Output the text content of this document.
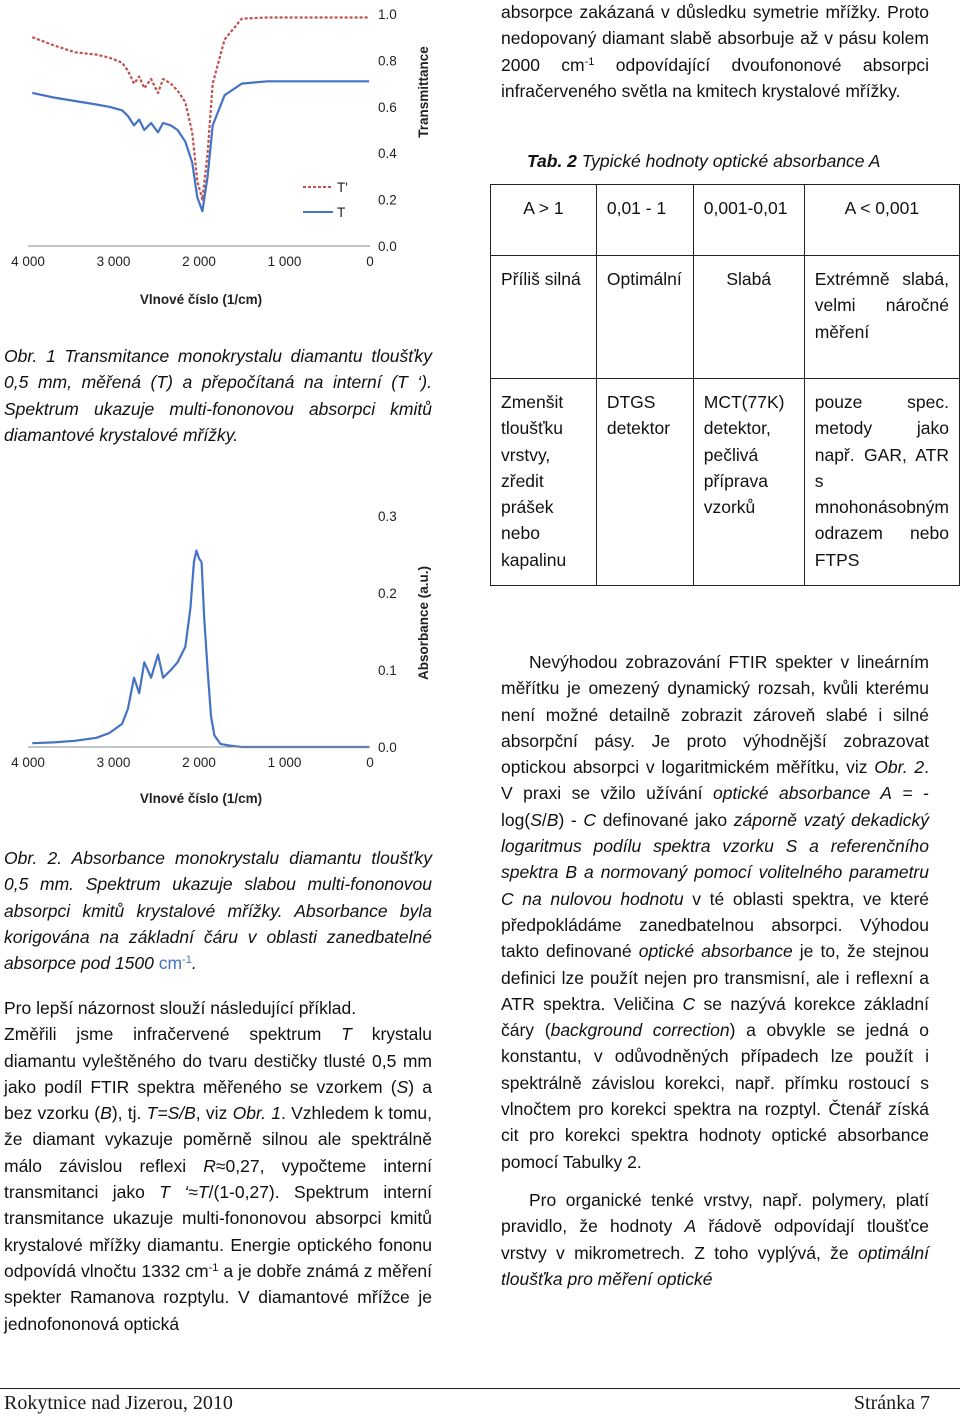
4 000	3 000	2 000	1 000	0
0.0
0.2
0.4
0.6
0.8
1.0
Vlnové číslo (1/cm)
Transmittance
T'
T

Obr. 1 Transmitance monokrystalu diamantu tloušťky 0,5 mm, měřená (T) a přepočítaná na interní (T ‘). Spektrum ukazuje multi-fononovou absorpci kmitů diamantové krystalové mřížky.

4 000	3 000	2 000	1 000	0
0.0
0.1
0.2
0.3
Vlnové číslo (1/cm)
Absorbance (a.u.)

Obr. 2. Absorbance monokrystalu diamantu tloušťky 0,5 mm. Spektrum ukazuje slabou multi-fononovou absorpci kmitů krystalové mřížky. Absorbance byla korigována na základní čáru v oblasti zanedbatelné absorpce pod 1500 $cm^{-1}$.

Pro lepší názornost slouží následující příklad.

Změřili jsme infračervené spektrum T krystalu diamantu vyleštěného do tvaru destičky tlusté 0,5 mm jako podíl FTIR spektra měřeného se vzorkem (S) a bez vzorku (B), tj. T=S/B, viz Obr. 1. Vzhledem k tomu, že diamant vykazuje poměrně silnou ale spektrálně málo závislou reflexi R≈0,27, vypočteme interní transmitanci jako T ‘≈T/(1-0,27). Spektrum interní transmitance ukazuje multi-fononovou absorpci kmitů krystalové mřížky diamantu. Energie optického fononu odpovídá vlnočtu 1332 $cm^{-1}$ a je dobře známá z měření spekter Ramanova rozptylu. V diamantové mřížce je jednofononová optická

absorpce zakázaná v důsledku symetrie mřížky. Proto nedopovaný diamant slabě absorbuje až v pásu kolem 2000 $cm^{-1}$ odpovídající dvoufononové absorpci infračerveného světla na kmitech krystalové mřížky.

Tab. 2 Typické hodnoty optické absorbance A
A > 1	0,01 - 1	0,001-0,01	A < 0,001
Příliš silná	Optimální	Slabá	Extrémně slabá, velmi náročné měření
Zmenšit tloušťku vrstvy, zředit prášek nebo kapalinu	DTGS detektor	MCT(77K) detektor, pečlivá příprava vzorků	pouze spec. metody jako např. GAR, ATR s mnohonásobným odrazem nebo FTPS

Nevýhodou zobrazování FTIR spekter v lineárním měřítku je omezený dynamický rozsah, kvůli kterému není možné detailně zobrazit zároveň slabé i silné absorpční pásy. Je proto výhodnější zobrazovat optickou absorpci v logaritmickém měřítku, viz Obr. 2. V praxi se vžilo užívání optické absorbance A = - log(S/B) - C definované jako záporně vzatý dekadický logaritmus podílu spektra vzorku S a referenčního spektra B a normovaný pomocí volitelného parametru C na nulovou hodnotu v té oblasti spektra, ve které předpokládáme zanedbatelnou absorpci. Výhodou takto definované optické absorbance je to, že stejnou definici lze použít nejen pro transmisní, ale i reflexní a ATR spektra. Veličina C se nazývá korekce základní čáry (background correction) a obvykle se jedná o konstantu, v odůvodněných případech lze použít i spektrálně závislou korekci, např. přímku rostoucí s vlnočtem pro korekci spektra na rozptyl. Čtenář získá cit pro korekci spektra hodnoty optické absorbance pomocí Tabulky 2.

Pro organické tenké vrstvy, např. polymery, platí pravidlo, že hodnoty A řádově odpovídají tloušťce vrstvy v mikrometrech. Z toho vyplývá, že optimální tloušťka pro měření optické

Rokytnice nad Jizerou, 2010	Stránka 7
